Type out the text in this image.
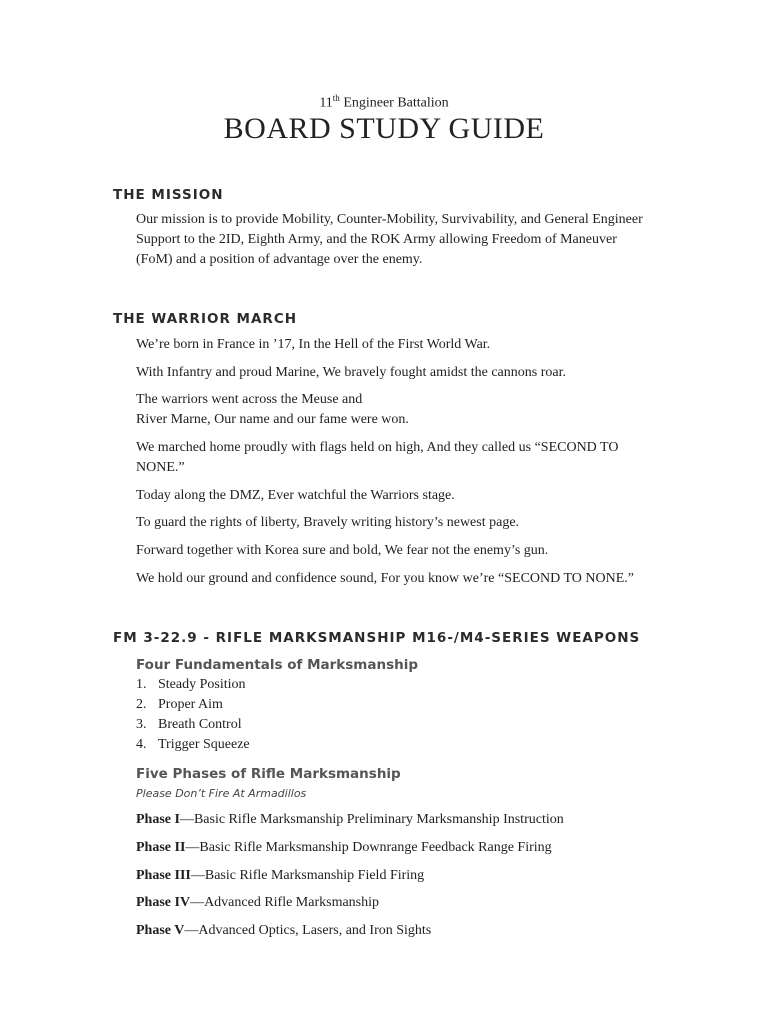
11th Engineer Battalion
BOARD STUDY GUIDE
THE MISSION
Our mission is to provide Mobility, Counter-Mobility, Survivability, and General Engineer Support to the 2ID, Eighth Army, and the ROK Army allowing Freedom of Maneuver (FoM) and a position of advantage over the enemy.
THE WARRIOR MARCH
We’re born in France in ’17, In the Hell of the First World War.
With Infantry and proud Marine, We bravely fought amidst the cannons roar.
The warriors went across the Meuse and
River Marne, Our name and our fame were won.
We marched home proudly with flags held on high, And they called us “SECOND TO
NONE.”
Today along the DMZ, Ever watchful the Warriors stage.
To guard the rights of liberty, Bravely writing history’s newest page.
Forward together with Korea sure and bold, We fear not the enemy’s gun.
We hold our ground and confidence sound, For you know we’re “SECOND TO NONE.”
FM 3-22.9 - RIFLE MARKSMANSHIP M16-/M4-SERIES WEAPONS
Four Fundamentals of Marksmanship
1. Steady Position
2. Proper Aim
3. Breath Control
4. Trigger Squeeze
Five Phases of Rifle Marksmanship
Please Don’t Fire At Armadillos
Phase I—Basic Rifle Marksmanship Preliminary Marksmanship Instruction
Phase II—Basic Rifle Marksmanship Downrange Feedback Range Firing
Phase III—Basic Rifle Marksmanship Field Firing
Phase IV—Advanced Rifle Marksmanship
Phase V—Advanced Optics, Lasers, and Iron Sights
